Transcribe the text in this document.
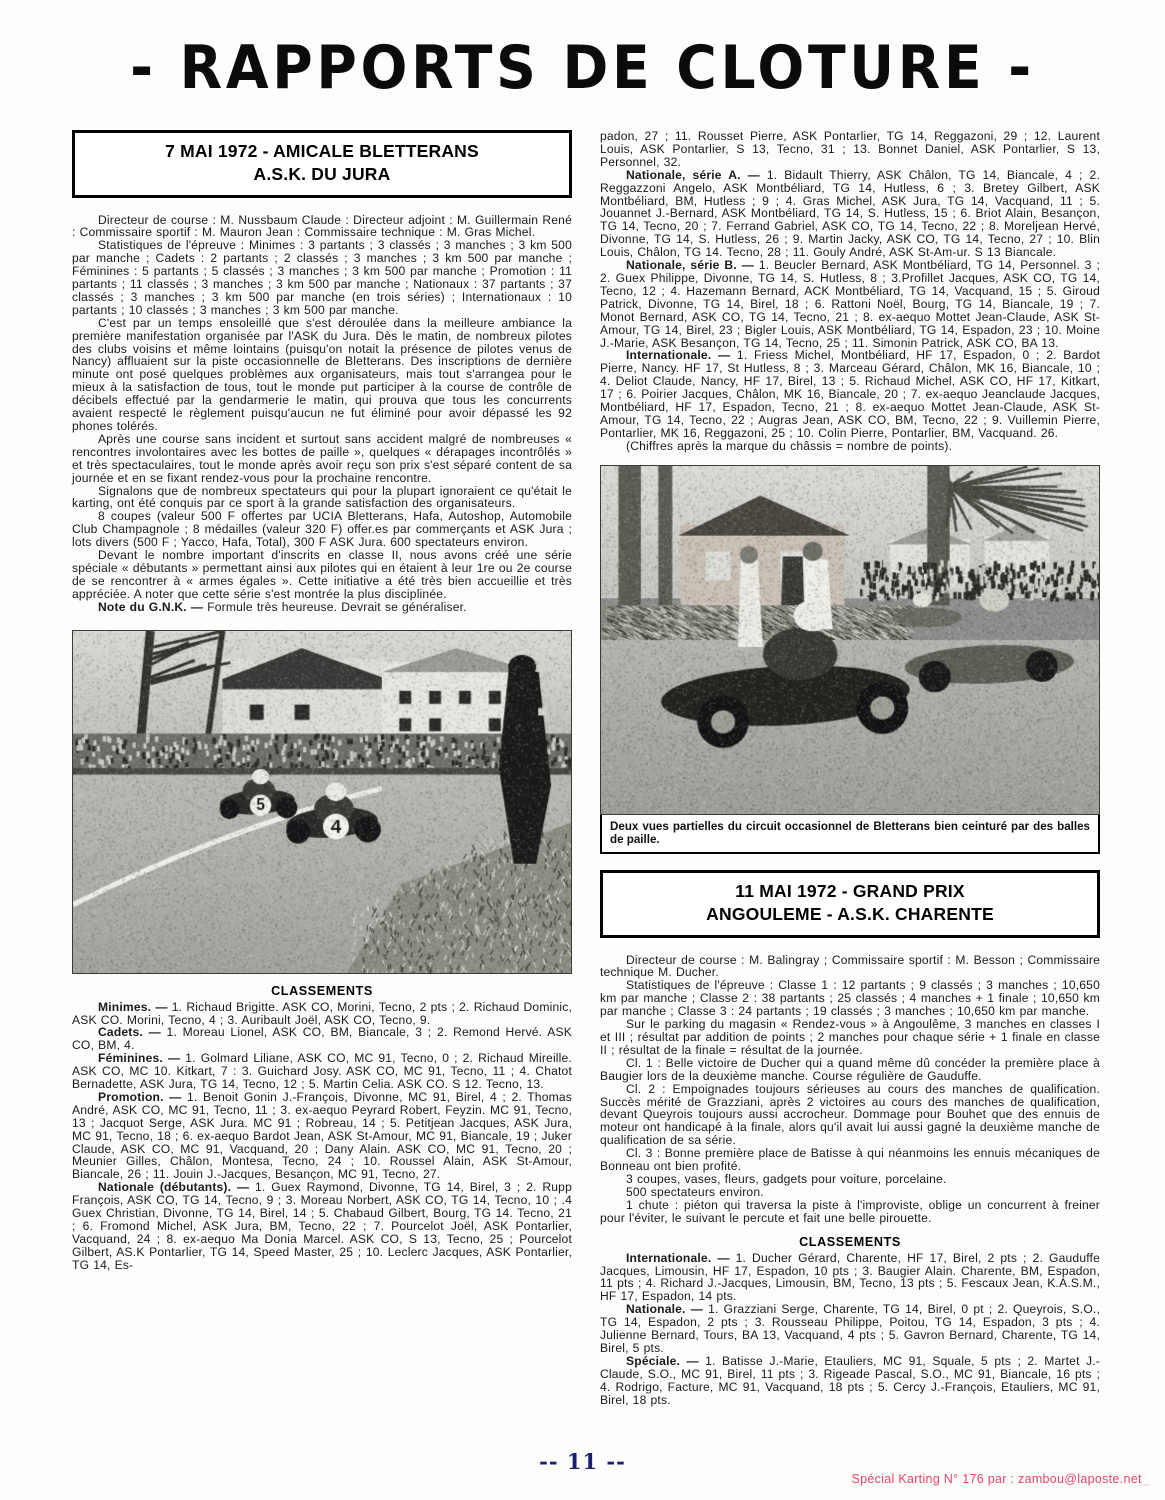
- RAPPORTS DE CLOTURE -
7 MAI 1972 - AMICALE BLETTERANS
A.S.K. DU JURA

Directeur de course : M. Nussbaum Claude : Directeur adjoint : M. Guillermain René : Commissaire sportif : M. Mauron Jean : Commissaire technique : M. Gras Michel.

Statistiques de l'épreuve : Minimes : 3 partants ; 3 classés ; 3 manches ; 3 km 500 par manche ; Cadets : 2 partants ; 2 classés ; 3 manches ; 3 km 500 par manche ; Féminines : 5 partants ; 5 classés ; 3 manches ; 3 km 500 par manche ; Promotion : 11 partants ; 11 classés ; 3 manches ; 3 km 500 par manche ; Nationaux : 37 partants ; 37 classés ; 3 manches ; 3 km 500 par manche (en trois séries) ; Internationaux : 10 partants ; 10 classés ; 3 manches ; 3 km 500 par manche.

C'est par un temps ensoleillé que s'est déroulée dans la meilleure ambiance la première manifestation organisée par l'ASK du Jura. Dès le matin, de nombreux pilotes des clubs voisins et même lointains (puisqu'on notait la présence de pilotes venus de Nancy) affluaient sur la piste occasionnelle de Bletterans. Des inscriptions de dernière minute ont posé quelques problèmes aux organisateurs, mais tout s'arrangea pour le mieux à la satisfaction de tous, tout le monde put participer à la course de contrôle de décibels effectué par la gendarmerie le matin, qui prouva que tous les concurrents avaient respecté le règlement puisqu'aucun ne fut éliminé pour avoir dépassé les 92 phones tolérés.

Après une course sans incident et surtout sans accident malgré de nombreuses « rencontres involontaires avec les bottes de paille », quelques « dérapages incontrôlés » et très spectaculaires, tout le monde après avoir reçu son prix s'est séparé content de sa journée et en se fixant rendez-vous pour la prochaine rencontre.

Signalons que de nombreux spectateurs qui pour la plupart ignoraient ce qu'était le karting, ont été conquis par ce sport à la grande satisfaction des organisateurs.

8 coupes (valeur 500 F offertes par UCIA Bletterans, Hafa, Autoshop, Automobile Club Champagnole ; 8 médailles (valeur 320 F) offer.es par commerçants et ASK Jura ; lots divers (500 F ; Yacco, Hafa, Total), 300 F ASK Jura. 600 spectateurs environ.

Devant le nombre important d'inscrits en classe II, nous avons créé une série spéciale « débutants » permettant ainsi aux pilotes qui en étaient à leur 1re ou 2e course de se rencontrer à « armes égales ». Cette initiative a été très bien accueillie et très appréciée. A noter que cette série s'est montrée la plus disciplinée.

Note du G.N.K. — Formule très heureuse. Devrait se généraliser.

CLASSEMENTS

Minimes. — 1. Richaud Brigitte. ASK CO, Morini, Tecno, 2 pts ; 2. Richaud Dominic, ASK CO. Morini, Tecno, 4 ; 3. Auribault Joël, ASK CO, Tecno, 9.

Cadets. — 1. Moreau Lionel, ASK CO, BM, Biancale, 3 ; 2. Remond Hervé. ASK CO, BM, 4.

Féminines. — 1. Golmard Liliane, ASK CO, MC 91, Tecno, 0 ; 2. Richaud Mireille. ASK CO, MC 10. Kitkart, 7 : 3. Guichard Josy. ASK CO, MC 91, Tecno, 11 ; 4. Chatot Bernadette, ASK Jura, TG 14, Tecno, 12 ; 5. Martin Celia. ASK CO. S 12. Tecno, 13.

Promotion. — 1. Benoit Gonin J.-François, Divonne, MC 91, Birel, 4 ; 2. Thomas André, ASK CO, MC 91, Tecno, 11 ; 3. ex-aequo Peyrard Robert, Feyzin. MC 91, Tecno, 13 ; Jacquot Serge, ASK Jura. MC 91 ; Robreau, 14 ; 5. Petitjean Jacques, ASK Jura, MC 91, Tecno, 18 ; 6. ex-aequo Bardot Jean, ASK St-Amour, MC 91, Biancale, 19 ; Juker Claude, ASK CO, MC 91, Vacquand, 20 ; Dany Alain. ASK CO, MC 91, Tecno, 20 ; Meunier Gilles, Châlon, Montesa, Tecno, 24 ; 10. Roussel Alain, ASK St-Amour, Biancale, 26 ; 11. Jouin J.-Jacques, Besançon, MC 91, Tecno, 27.

Nationale (débutants). — 1. Guex Raymond, Divonne, TG 14, Birel, 3 ; 2. Rupp François, ASK CO, TG 14, Tecno, 9 ; 3. Moreau Norbert, ASK CO, TG 14, Tecno, 10 ; .4 Guex Christian, Divonne, TG 14, Birel, 14 ; 5. Chabaud Gilbert, Bourg, TG 14. Tecno, 21 ; 6. Fromond Michel, ASK Jura, BM, Tecno, 22 ; 7. Pourcelot Joël, ASK Pontarlier, Vacquand, 24 ; 8. ex-aequo Ma Donia Marcel. ASK CO, S 13, Tecno, 25 ; Pourcelot Gilbert, AS.K Pontarlier, TG 14, Speed Master, 25 ; 10. Leclerc Jacques, ASK Pontarlier, TG 14, Es-

padon, 27 ; 11. Rousset Pierre, ASK Pontarlier, TG 14, Reggazoni, 29 ; 12. Laurent Louis, ASK Pontarlier, S 13, Tecno, 31 ; 13. Bonnet Daniel, ASK Pontarlier, S 13, Personnel, 32.

Nationale, série A. — 1. Bidault Thierry, ASK Châlon, TG 14, Biancale, 4 ; 2. Reggazzoni Angelo, ASK Montbéliard, TG 14, Hutless, 6 ; 3. Bretey Gilbert, ASK Montbéliard, BM, Hutless ; 9 ; 4. Gras Michel, ASK Jura, TG 14, Vacquand, 11 ; 5. Jouannet J.-Bernard, ASK Montbéliard, TG 14, S. Hutless, 15 ; 6. Briot Alain, Besançon, TG 14, Tecno, 20 ; 7. Ferrand Gabriel, ASK CO, TG 14, Tecno, 22 ; 8. Moreljean Hervé, Divonne, TG 14, S. Hutless, 26 ; 9. Martin Jacky, ASK CO, TG 14, Tecno, 27 ; 10. Blin Louis, Châlon, TG 14. Tecno, 28 ; 11. Gouly André, ASK St-Am-ur. S 13 Biancale.

Nationale, série B. — 1. Beucler Bernard, ASK Montbéliard, TG 14, Personnel. 3 ; 2. Guex Philippe, Divonne, TG 14, S. Hutless, 8 ; 3.Profillet Jacques, ASK CO, TG 14, Tecno, 12 ; 4. Hazemann Bernard, ACK Montbéliard, TG 14, Vacquand, 15 ; 5. Giroud Patrick, Divonne, TG 14, Birel, 18 ; 6. Rattoni Noël, Bourg, TG 14, Biancale, 19 ; 7. Monot Bernard, ASK CO, TG 14, Tecno, 21 ; 8. ex-aequo Mottet Jean-Claude, ASK St-Amour, TG 14, Birel, 23 ; Bigler Louis, ASK Montbéliard, TG 14, Espadon, 23 ; 10. Moine J.-Marie, ASK Besançon, TG 14, Tecno, 25 ; 11. Simonin Patrick, ASK CO, BA 13.

Internationale. — 1. Friess Michel, Montbéliard, HF 17, Espadon, 0 ; 2. Bardot Pierre, Nancy. HF 17, St Hutless, 8 ; 3. Marceau Gérard, Châlon, MK 16, Biancale, 10 ; 4. Deliot Claude, Nancy, HF 17, Birel, 13 ; 5. Richaud Michel, ASK CO, HF 17, Kitkart, 17 ; 6. Poirier Jacques, Châlon, MK 16, Biancale, 20 ; 7. ex-aequo Jeanclaude Jacques, Montbéliard, HF 17, Espadon, Tecno, 21 ; 8. ex-aequo Mottet Jean-Claude, ASK St-Amour, TG 14, Tecno, 22 ; Augras Jean, ASK CO, BM, Tecno, 22 ; 9. Vuillemin Pierre, Pontarlier, MK 16, Reggazoni, 25 ; 10. Colin Pierre, Pontarlier, BM, Vacquand. 26.

(Chiffres après la marque du châssis = nombre de points).

Deux vues partielles du circuit occasionnel de Bletterans bien ceinturé par des balles de paille.
11 MAI 1972 - GRAND PRIX
ANGOULEME - A.S.K. CHARENTE

Directeur de course : M. Balingray ; Commissaire sportif : M. Besson ; Commissaire technique M. Ducher.

Statistiques de l'épreuve : Classe 1 : 12 partants ; 9 classés ; 3 manches ; 10,650 km par manche ; Classe 2 : 38 partants ; 25 classés ; 4 manches + 1 finale ; 10,650 km par manche ; Classe 3 : 24 partants ; 19 classés ; 3 manches ; 10,650 km par manche.

Sur le parking du magasin « Rendez-vous » à Angoulême, 3 manches en classes I et III ; résultat par addition de points ; 2 manches pour chaque série + 1 finale en classe II ; résultat de la finale = résultat de la journée.

Cl. 1 : Belle victoire de Ducher qui a quand même dû concéder la première place à Baugier lors de la deuxième manche. Course régulière de Gauduffe.

Cl. 2 : Empoignades toujours sérieuses au cours des manches de qualification. Succès mérité de Grazziani, après 2 victoires au cours des manches de qualification, devant Queyrois toujours aussi accrocheur. Dommage pour Bouhet que des ennuis de moteur ont handicapé à la finale, alors qu'il avait lui aussi gagné la deuxième manche de qualification de sa série.

Cl. 3 : Bonne première place de Batisse à qui néanmoins les ennuis mécaniques de Bonneau ont bien profité.

3 coupes, vases, fleurs, gadgets pour voiture, porcelaine.

500 spectateurs environ.

1 chute : piéton qui traversa la piste à l'improviste, oblige un concurrent à freiner pour l'éviter, le suivant le percute et fait une belle pirouette.

CLASSEMENTS

Internationale. — 1. Ducher Gérard, Charente, HF 17, Birel, 2 pts ; 2. Gauduffe Jacques, Limousin, HF 17, Espadon, 10 pts ; 3. Baugier Alain. Charente, BM, Espadon, 11 pts ; 4. Richard J.-Jacques, Limousin, BM, Tecno, 13 pts ; 5. Fescaux Jean, K.A.S.M., HF 17, Espadon, 14 pts.

Nationale. — 1. Grazziani Serge, Charente, TG 14, Birel, 0 pt ; 2. Queyrois, S.O., TG 14, Espadon, 2 pts ; 3. Rousseau Philippe, Poitou, TG 14, Espadon, 3 pts ; 4. Julienne Bernard, Tours, BA 13, Vacquand, 4 pts ; 5. Gavron Bernard, Charente, TG 14, Birel, 5 pts.

Spéciale. — 1. Batisse J.-Marie, Etauliers, MC 91, Squale, 5 pts ; 2. Martet J.-Claude, S.O., MC 91, Birel, 11 pts ; 3. Rigeade Pascal, S.O., MC 91, Biancale, 16 pts ; 4. Rodrigo, Facture, MC 91, Vacquand, 18 pts ; 5. Cercy J.-François, Etauliers, MC 91, Birel, 18 pts.

-- 11 --
Spécial Karting N° 176 par : zambou@laposte.net_
